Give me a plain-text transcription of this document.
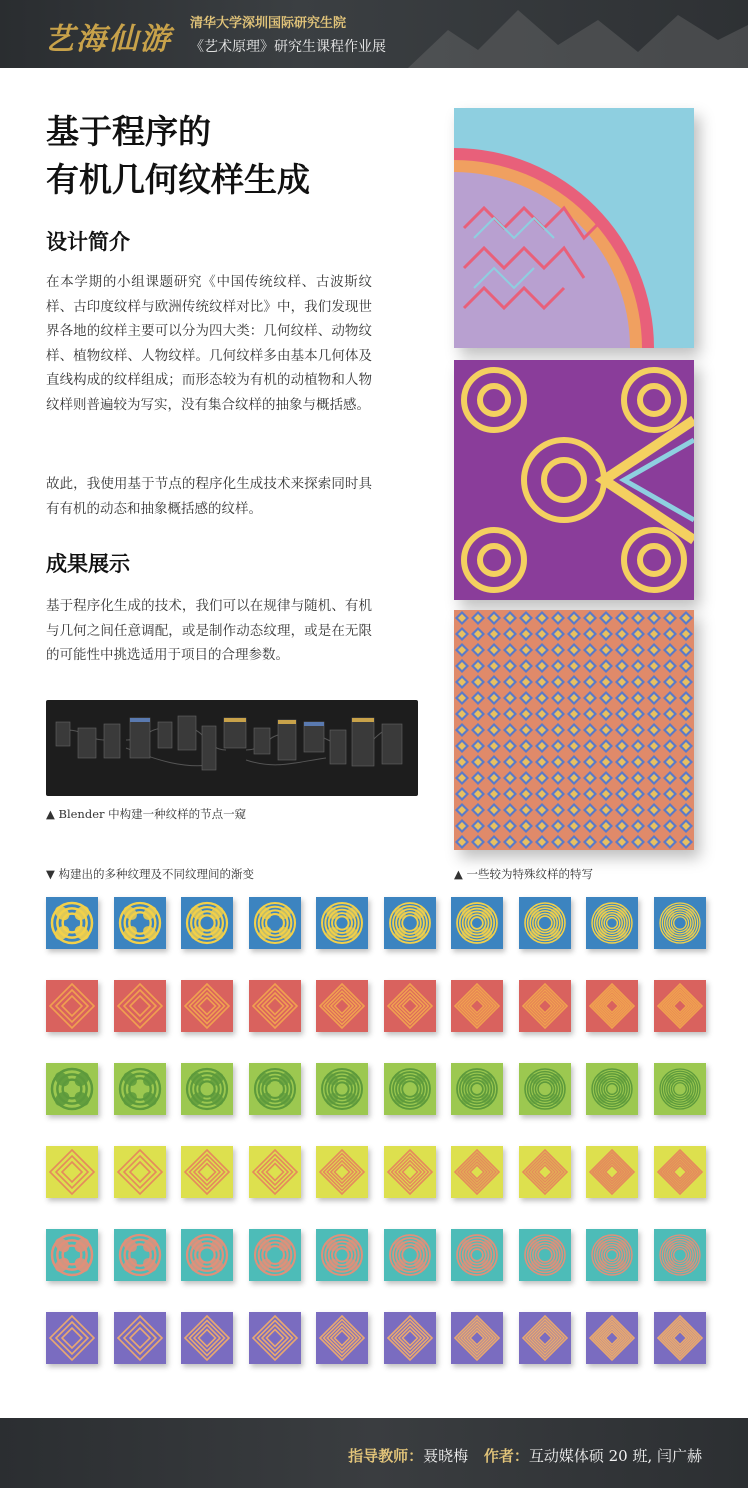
艺海仙游 清华大学深圳国际研究生院
《艺术原理》研究生课程作业展
基于程序的
有机几何纹样生成
设计简介
在本学期的小组课题研究《中国传统纹样、古波斯纹样、古印度纹样与欧洲传统纹样对比》中，我们发现世界各地的纹样主要可以分为四大类：几何纹样、动物纹样、植物纹样、人物纹样。几何纹样多由基本几何体及直线构成的纹样组成；而形态较为有机的动植物和人物纹样则普遍较为写实，没有集合纹样的抽象与概括感。
故此，我使用基于节点的程序化生成技术来探索同时具有有机的动态和抽象概括感的纹样。
成果展示
基于程序化生成的技术，我们可以在规律与随机、有机与几何之间任意调配，或是制作动态纹理，或是在无限的可能性中挑选适用于项目的合理参数。
▲ Blender 中构建一种纹样的节点一窥
▼ 构建出的多种纹理及不同纹理间的渐变	▲ 一些较为特殊纹样的特写
指导教师：聂晓梅 作者：互动媒体硕 20 班, 闫广赫
